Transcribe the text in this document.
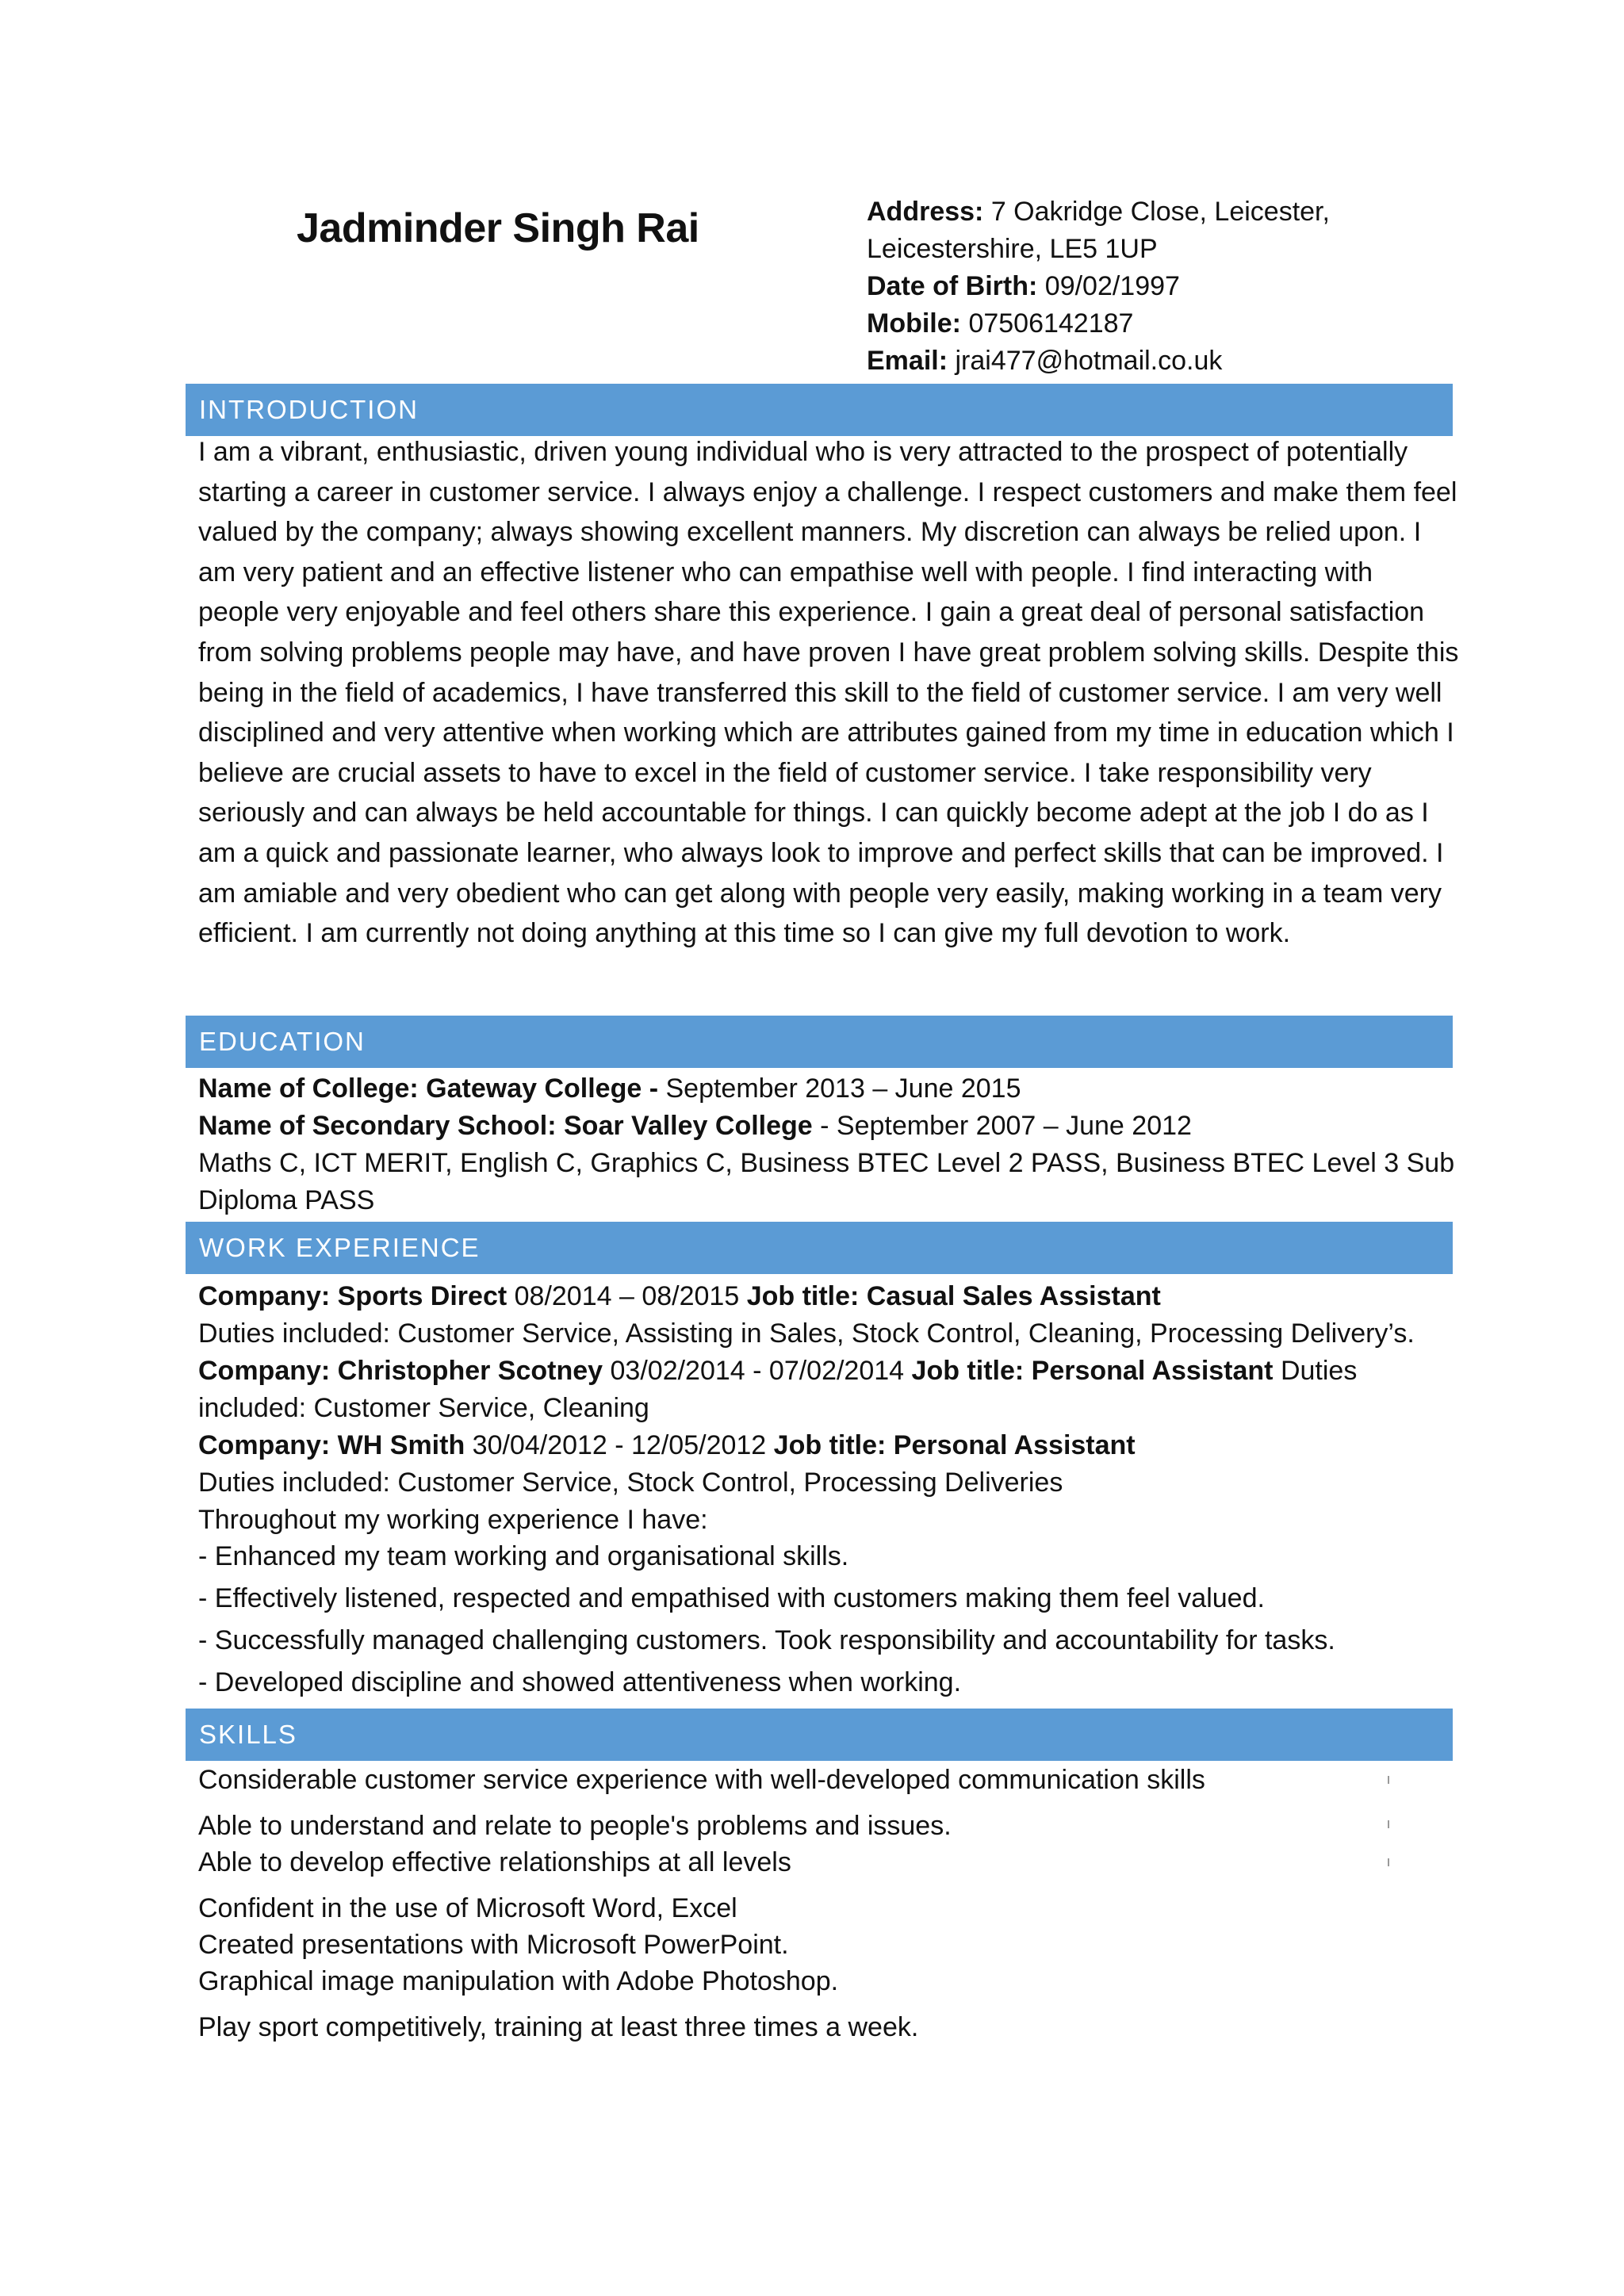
Jadminder Singh Rai	Address: 7 Oakridge Close, Leicester,
Leicestershire, LE5 1UP
Date of Birth: 09/02/1997
Mobile: 07506142187
Email: jrai477@hotmail.co.uk
INTRODUCTION
I am a vibrant, enthusiastic, driven young individual who is very attracted to the prospect of potentially starting a career in customer service. I always enjoy a challenge. I respect customers and make them feel valued by the company; always showing excellent manners. My discretion can always be relied upon. I am very patient and an effective listener who can empathise well with people. I find interacting with people very enjoyable and feel others share this experience. I gain a great deal of personal satisfaction from solving problems people may have, and have proven I have great problem solving skills. Despite this being in the field of academics, I have transferred this skill to the field of customer service. I am very well disciplined and very attentive when working which are attributes gained from my time in education which I believe are crucial assets to have to excel in the field of customer service. I take responsibility very seriously and can always be held accountable for things. I can quickly become adept at the job I do as I am a quick and passionate learner, who always look to improve and perfect skills that can be improved. I am amiable and very obedient who can get along with people very easily, making working in a team very efficient. I am currently not doing anything at this time so I can give my full devotion to work.
EDUCATION
Name of College: Gateway College - September 2013 – June 2015
Name of Secondary School: Soar Valley College - September 2007 – June 2012
Maths C, ICT MERIT, English C, Graphics C, Business BTEC Level 2 PASS, Business BTEC Level 3 Sub Diploma PASS
WORK EXPERIENCE
Company: Sports Direct 08/2014 – 08/2015 Job title: Casual Sales Assistant
Duties included: Customer Service, Assisting in Sales, Stock Control, Cleaning, Processing Delivery’s.
Company: Christopher Scotney 03/02/2014 - 07/02/2014 Job title: Personal Assistant Duties included: Customer Service, Cleaning
Company: WH Smith 30/04/2012 - 12/05/2012 Job title: Personal Assistant
Duties included: Customer Service, Stock Control, Processing Deliveries
Throughout my working experience I have:
- Enhanced my team working and organisational skills.
- Effectively listened, respected and empathised with customers making them feel valued.
- Successfully managed challenging customers. Took responsibility and accountability for tasks.
- Developed discipline and showed attentiveness when working.
SKILLS
Considerable customer service experience with well-developed communication skills
Able to understand and relate to people's problems and issues.
Able to develop effective relationships at all levels
Confident in the use of Microsoft Word, Excel
Created presentations with Microsoft PowerPoint.
Graphical image manipulation with Adobe Photoshop.
Play sport competitively, training at least three times a week.
